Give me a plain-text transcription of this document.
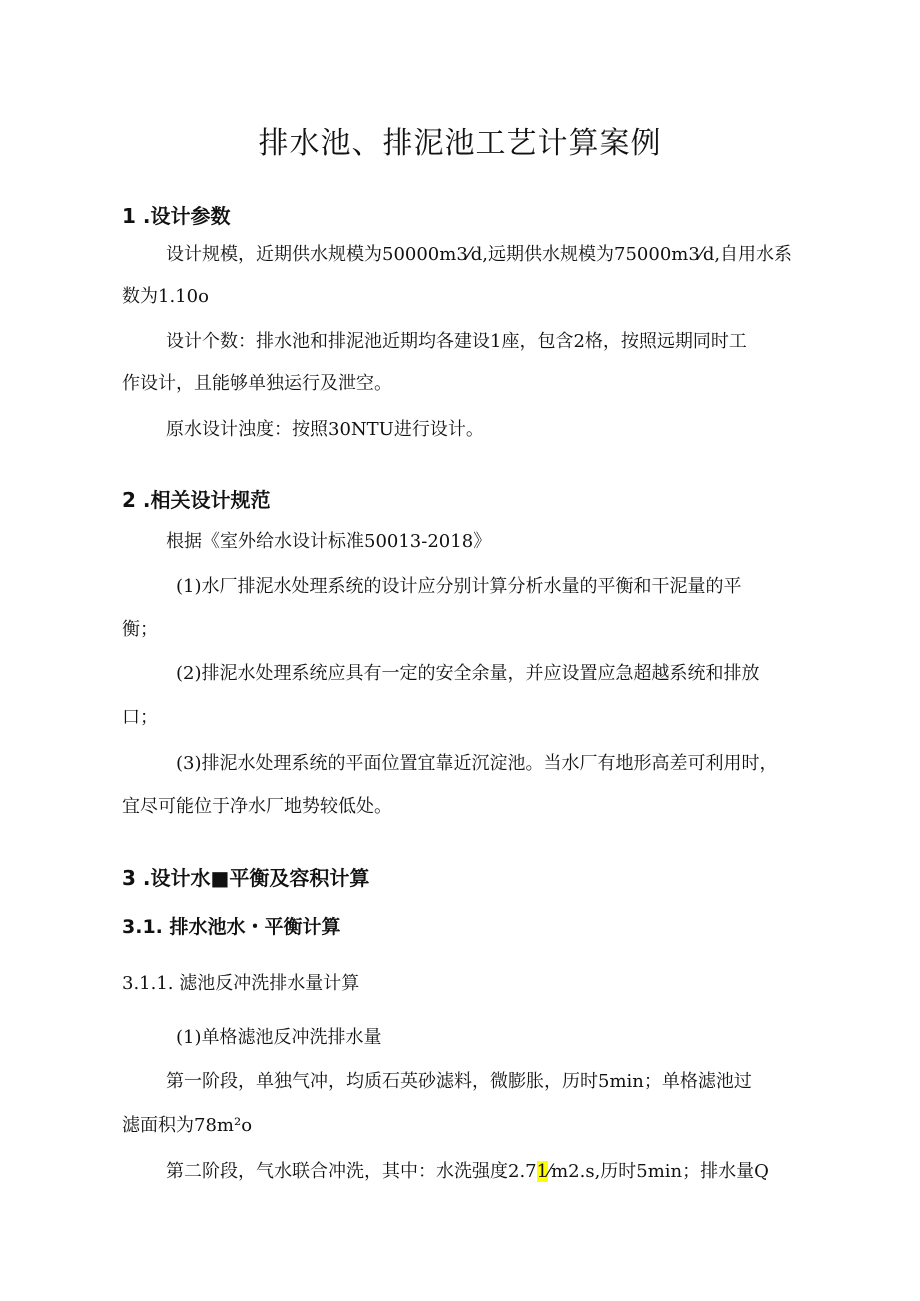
排水池、排泥池工艺计算案例
1 .设计参数
设计规模，近期供水规模为50000m3⁄d,远期供水规模为75000m3⁄d,自用水系
数为1.10o
设计个数：排水池和排泥池近期均各建设1座，包含2格，按照远期同时工
作设计，且能够单独运行及泄空。
原水设计浊度：按照30NTU进行设计。
2 .相关设计规范
根据《室外给水设计标准50013-2018》
(1)水厂排泥水处理系统的设计应分别计算分析水量的平衡和干泥量的平
衡；
(2)排泥水处理系统应具有一定的安全余量，并应设置应急超越系统和排放
口；
(3)排泥水处理系统的平面位置宜靠近沉淀池。当水厂有地形高差可利用时，
宜尽可能位于净水厂地势较低处。
3 .设计水■平衡及容积计算
3.1. 排水池水・平衡计算
3.1.1. 滤池反冲洗排水量计算
(1)单格滤池反冲洗排水量
第一阶段，单独气冲，均质石英砂滤料，微膨胀，历时5min；单格滤池过
滤面积为78m²o
第二阶段，气水联合冲洗，其中：水洗强度2.71⁄m2.s,历时5min；排水量Q
